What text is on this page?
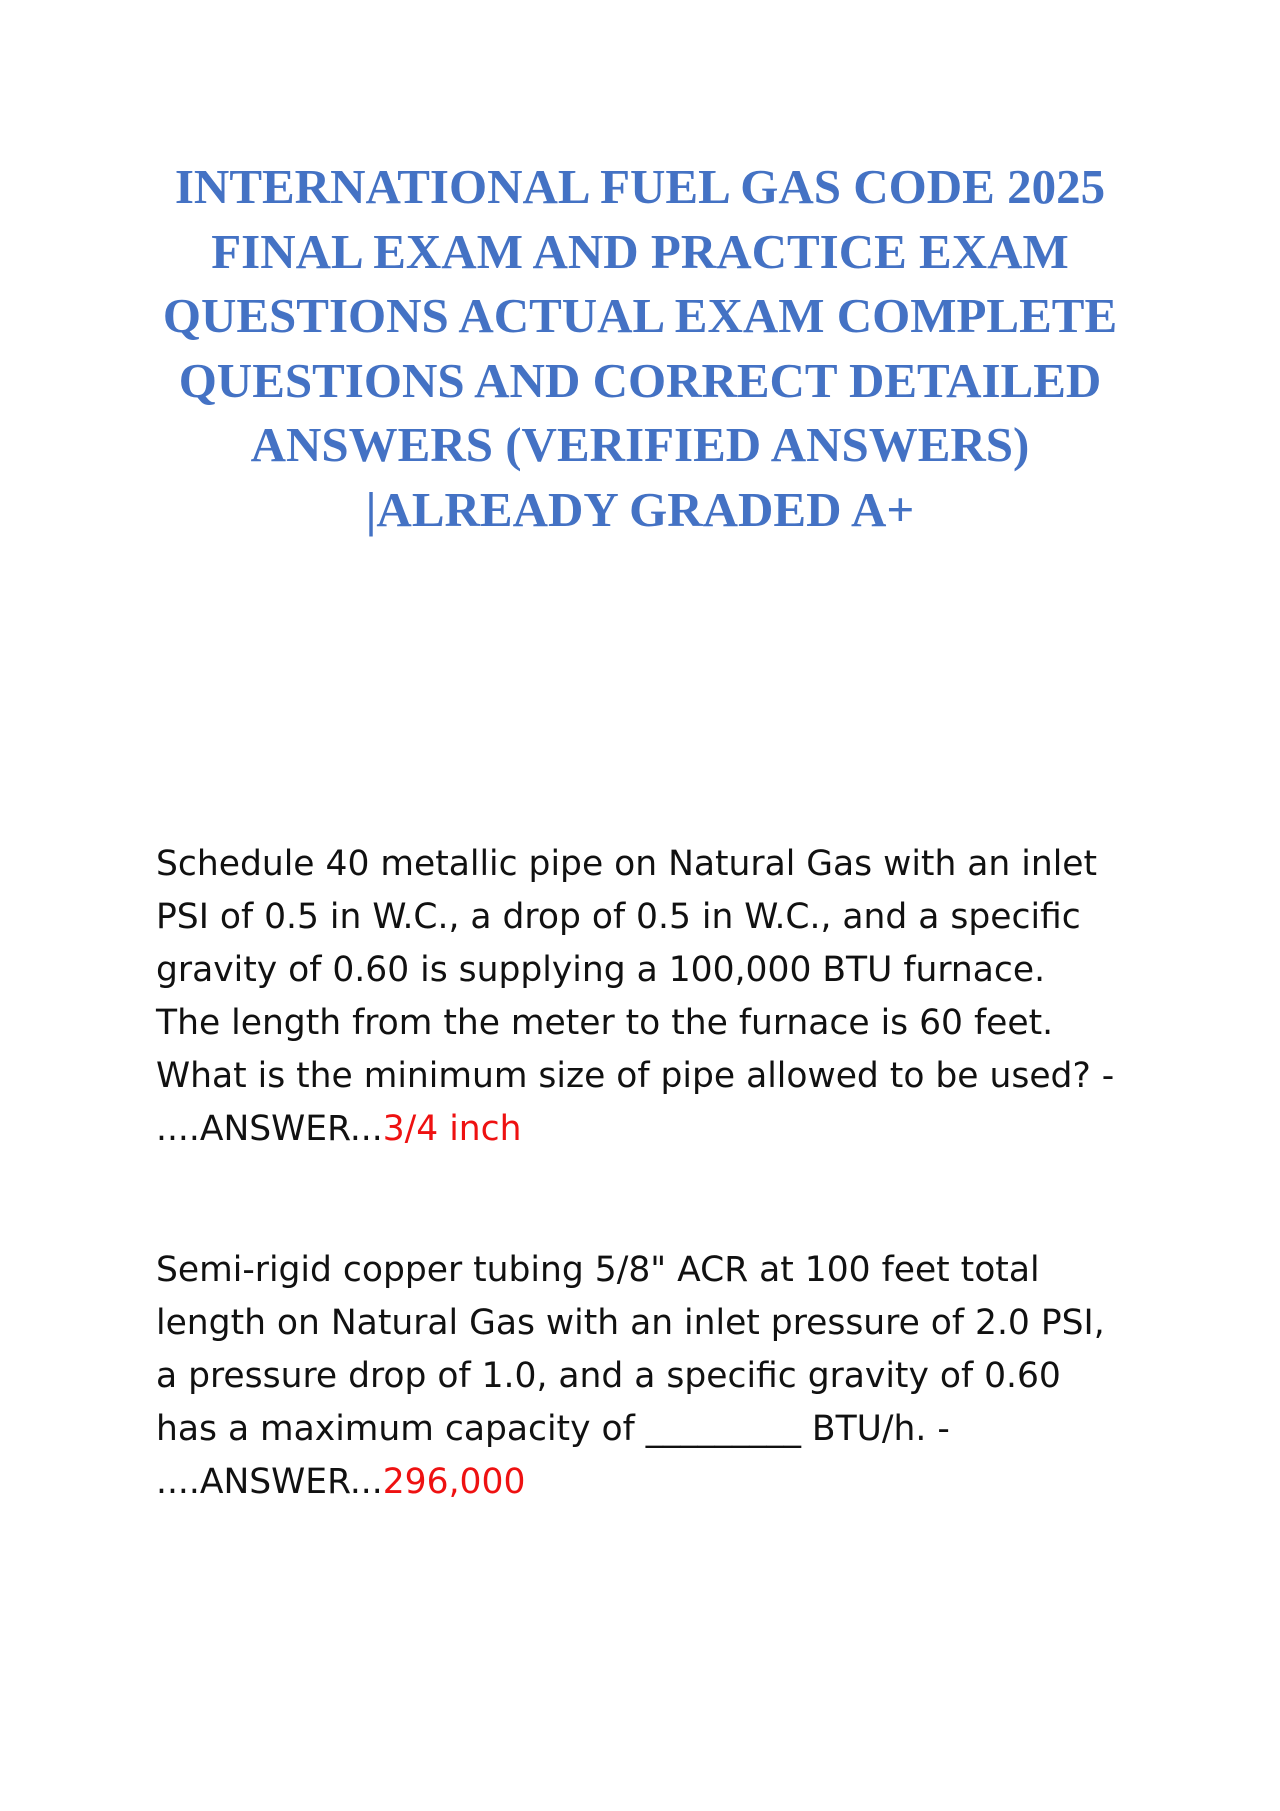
INTERNATIONAL FUEL GAS CODE 2025 FINAL EXAM AND PRACTICE EXAM QUESTIONS ACTUAL EXAM COMPLETE QUESTIONS AND CORRECT DETAILED ANSWERS (VERIFIED ANSWERS) |ALREADY GRADED A+

Schedule 40 metallic pipe on Natural Gas with an inlet PSI of 0.5 in W.C., a drop of 0.5 in W.C., and a specific gravity of 0.60 is supplying a 100,000 BTU furnace. The length from the meter to the furnace is 60 feet. What is the minimum size of pipe allowed to be used? - ....ANSWER...3/4 inch

Semi-rigid copper tubing 5/8" ACR at 100 feet total length on Natural Gas with an inlet pressure of 2.0 PSI, a pressure drop of 1.0, and a specific gravity of 0.60 has a maximum capacity of _________ BTU/h. - ....ANSWER...296,000
